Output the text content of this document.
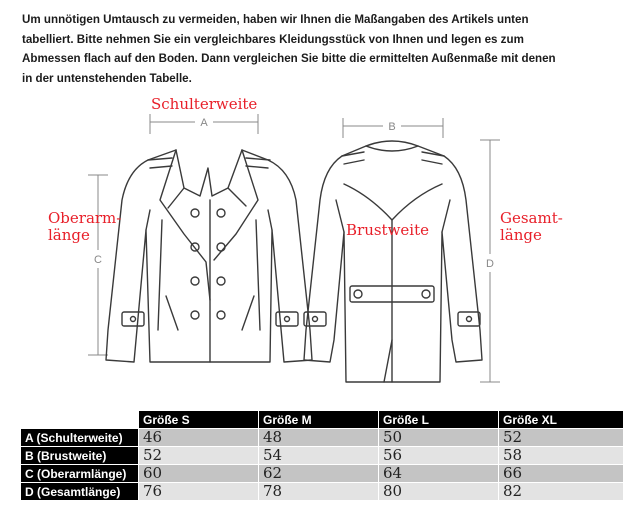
Um unnötigen Umtausch zu vermeiden, haben wir Ihnen die Maßangaben des Artikels unten
tabelliert. Bitte nehmen Sie ein vergleichbares Kleidungsstück von Ihnen und legen es zum
Abmessen flach auf den Boden. Dann vergleichen Sie bitte die ermittelten Außenmaße mit denen
in der untenstehenden Tabelle.
A	B
C	D
Schulterweite
Oberarm-
länge	Brustweite
Gesamt-
länge
	Größe S	Größe M	Größe L	Größe XL
A (Schulterweite)	46	48	50	52
B (Brustweite)	52	54	56	58
C (Oberarmlänge)	60	62	64	66
D (Gesamtlänge)	76	78	80	82
